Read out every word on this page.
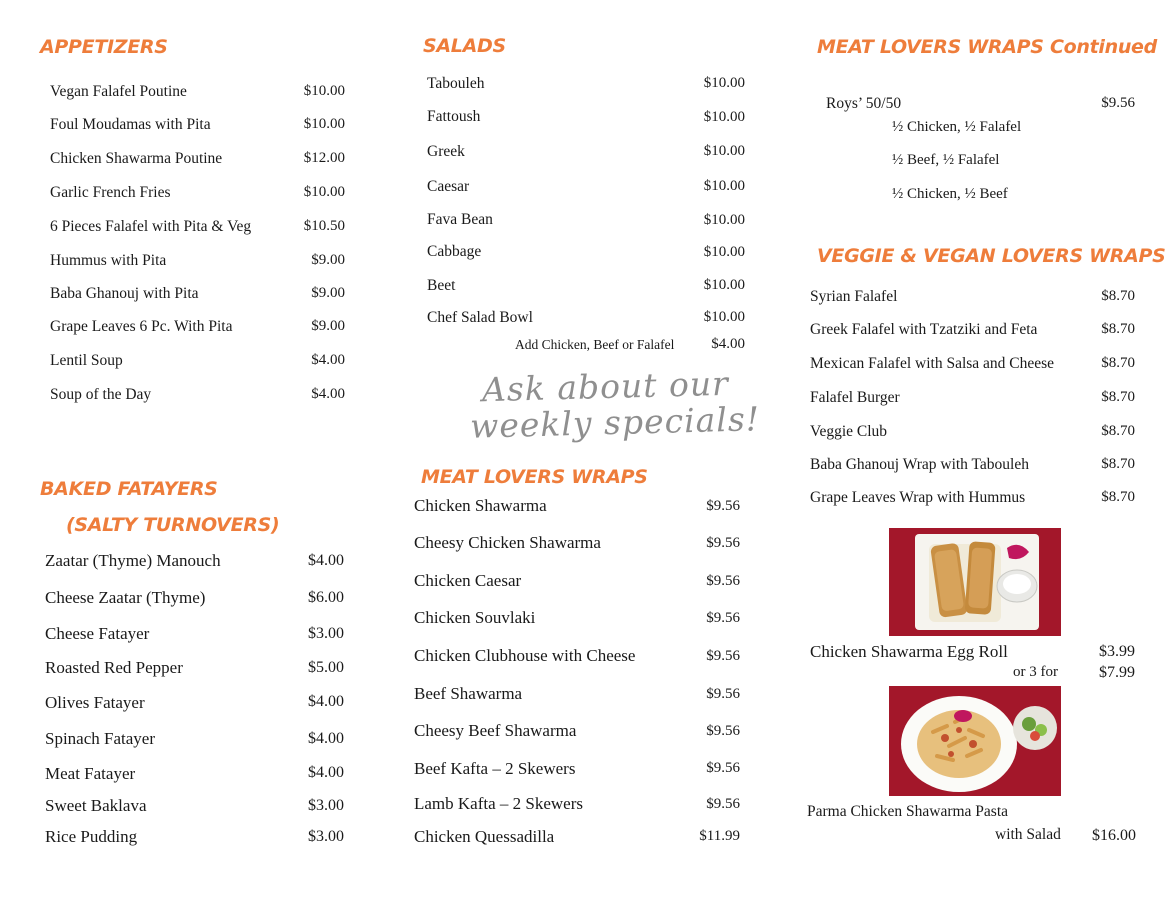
APPETIZERS
Vegan Falafel Poutine	$10.00
Foul Moudamas with Pita	$10.00
Chicken Shawarma Poutine	$12.00
Garlic French Fries	$10.00
6 Pieces Falafel with Pita & Veg	$10.50
Hummus with Pita	$9.00
Baba Ghanouj with Pita	$9.00
Grape Leaves 6 Pc. With Pita	$9.00
Lentil Soup	$4.00
Soup of the Day	$4.00
BAKED FATAYERS
(SALTY TURNOVERS)
Zaatar (Thyme) Manouch	$4.00
Cheese Zaatar (Thyme)	$6.00
Cheese Fatayer	$3.00
Roasted Red Pepper	$5.00
Olives Fatayer	$4.00
Spinach Fatayer	$4.00
Meat Fatayer	$4.00
Sweet Baklava	$3.00
Rice Pudding	$3.00
SALADS
Tabouleh	$10.00
Fattoush	$10.00
Greek	$10.00
Caesar	$10.00
Fava Bean	$10.00
Cabbage	$10.00
Beet	$10.00
Chef Salad Bowl	$10.00
Add Chicken, Beef or Falafel $4.00
Ask about our
weekly specials!
MEAT LOVERS WRAPS
Chicken Shawarma	$9.56
Cheesy Chicken Shawarma	$9.56
Chicken Caesar	$9.56
Chicken Souvlaki	$9.56
Chicken Clubhouse with Cheese	$9.56
Beef Shawarma	$9.56
Cheesy Beef Shawarma	$9.56
Beef Kafta – 2 Skewers	$9.56
Lamb Kafta – 2 Skewers	$9.56
Chicken Quessadilla	$11.99
MEAT LOVERS WRAPS Continued
Roys’ 50/50	$9.56
½ Chicken, ½ Falafel
½ Beef, ½ Falafel
½ Chicken, ½ Beef
VEGGIE & VEGAN LOVERS WRAPS
Syrian Falafel	$8.70
Greek Falafel with Tzatziki and Feta	$8.70
Mexican Falafel with Salsa and Cheese	$8.70
Falafel Burger	$8.70
Veggie Club	$8.70
Baba Ghanouj Wrap with Tabouleh	$8.70
Grape Leaves Wrap with Hummus	$8.70
Chicken Shawarma Egg Roll	$3.99
or 3 for	$7.99
Parma Chicken Shawarma Pasta
with Salad $16.00
